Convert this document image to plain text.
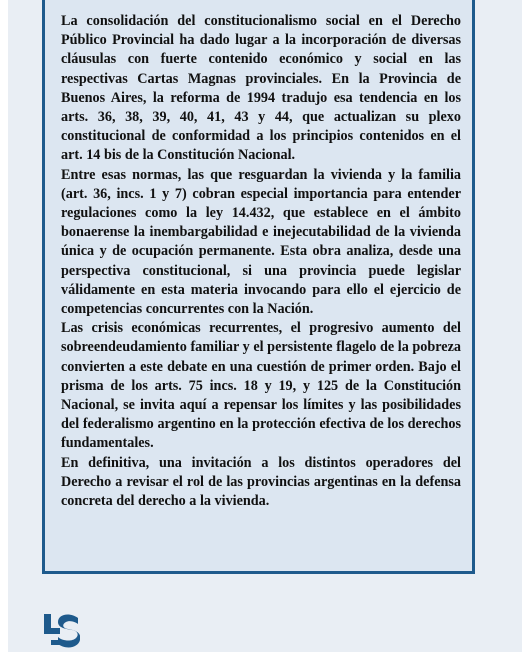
La consolidación del constitucionalismo social en el Derecho Público Provincial ha dado lugar a la incorporación de diversas cláusulas con fuerte contenido económico y social en las respectivas Cartas Magnas provinciales. En la Provincia de Buenos Aires, la reforma de 1994 tradujo esa tendencia en los arts. 36, 38, 39, 40, 41, 43 y 44, que actualizan su plexo constitucional de conformidad a los principios contenidos en el art. 14 bis de la Constitución Nacional.

Entre esas normas, las que resguardan la vivienda y la familia (art. 36, incs. 1 y 7) cobran especial importancia para entender regulaciones como la ley 14.432, que establece en el ámbito bonaerense la inembargabilidad e inejecutabilidad de la vivienda única y de ocupación permanente. Esta obra analiza, desde una perspectiva constitucional, si una provincia puede legislar válidamente en esta materia invocando para ello el ejercicio de competencias concurrentes con la Nación.

Las crisis económicas recurrentes, el progresivo aumento del sobreendeudamiento familiar y el persistente flagelo de la pobreza convierten a este debate en una cuestión de primer orden. Bajo el prisma de los arts. 75 incs. 18 y 19, y 125 de la Constitución Nacional, se invita aquí a repensar los límites y las posibilidades del federalismo argentino en la protección efectiva de los derechos fundamentales.

En definitiva, una invitación a los distintos operadores del Derecho a revisar el rol de las provincias argentinas en la defensa concreta del derecho a la vivienda.
